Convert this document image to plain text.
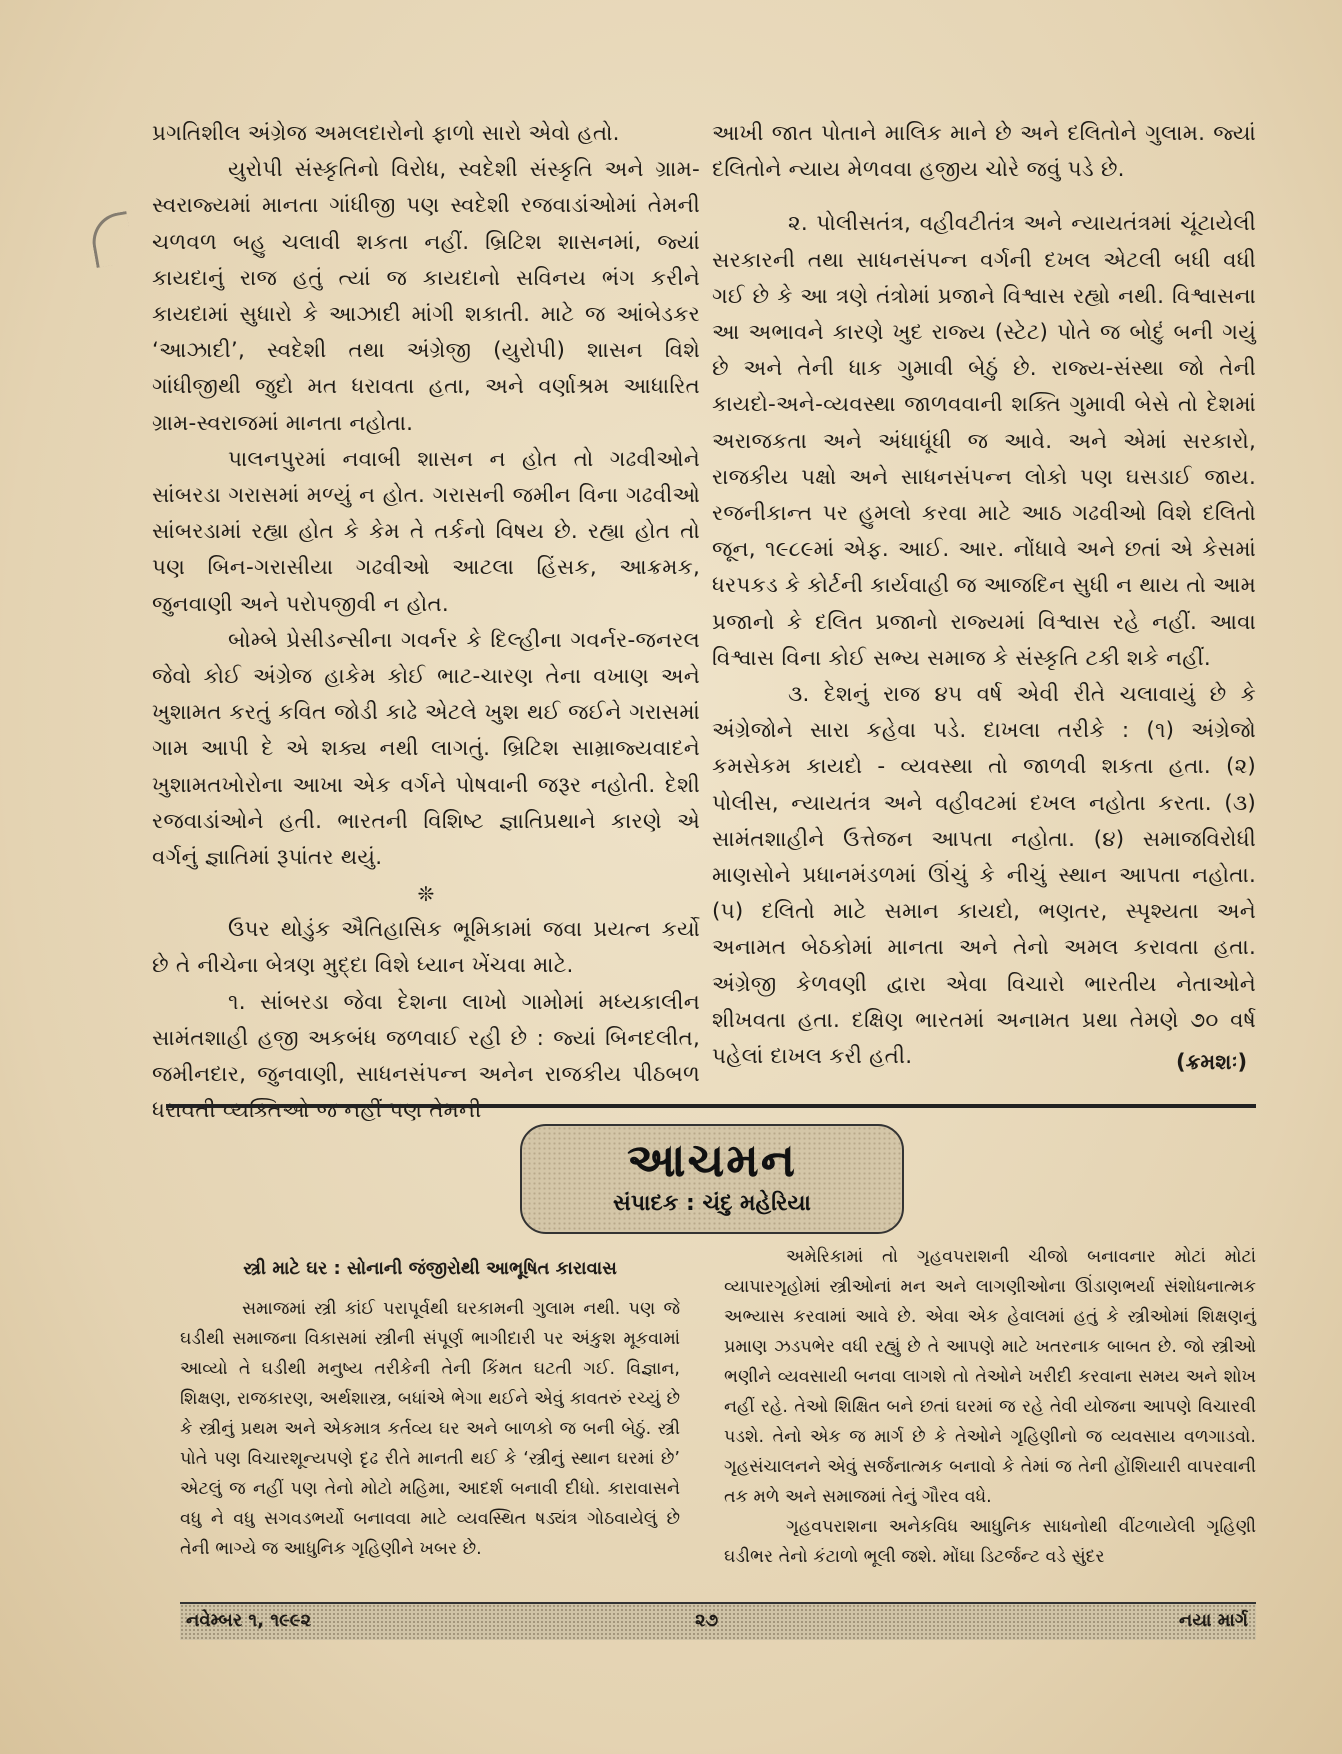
પ્રગતિશીલ અંગ્રેજ અમલદારોનો ફાળો સારો એવો હતો.

યુરોપી સંસ્કૃતિનો વિરોધ, સ્વદેશી સંસ્કૃતિ અને ગ્રામ-સ્વરાજ્યમાં માનતા ગાંધીજી પણ સ્વદેશી રજવાડાંઓમાં તેમની ચળવળ બહુ ચલાવી શકતા નહીં. બ્રિટિશ શાસનમાં, જ્યાં કાયદાનું રાજ હતું ત્યાં જ કાયદાનો સવિનય ભંગ કરીને કાયદામાં સુધારો કે આઝાદી માંગી શકાતી. માટે જ આંબેડકર ‘આઝાદી’, સ્વદેશી તથા અંગ્રેજી (યુરોપી) શાસન વિશે ગાંધીજીથી જુદો મત ધરાવતા હતા, અને વર્ણાશ્રમ આધારિત ગ્રામ-સ્વરાજમાં માનતા નહોતા.

પાલનપુરમાં નવાબી શાસન ન હોત તો ગઢવીઓને સાંબરડા ગરાસમાં મળ્યું ન હોત. ગરાસની જમીન વિના ગઢવીઓ સાંબરડામાં રહ્યા હોત કે કેમ તે તર્કનો વિષય છે. રહ્યા હોત તો પણ બિન-ગરાસીયા ગઢવીઓ આટલા હિંસક, આક્રમક, જુનવાણી અને પરોપજીવી ન હોત.

બોમ્બે પ્રેસીડન્સીના ગવર્નર કે દિલ્હીના ગવર્નર-જનરલ જેવો કોઈ અંગ્રેજ હાકેમ કોઈ ભાટ-ચારણ તેના વખાણ અને ખુશામત કરતું કવિત જોડી કાઢે એટલે ખુશ થઈ જઈને ગરાસમાં ગામ આપી દે એ શક્ય નથી લાગતું. બ્રિટિશ સામ્રાજ્યવાદને ખુશામતખોરોના આખા એક વર્ગને પોષવાની જરૂર નહોતી. દેશી રજવાડાંઓને હતી. ભારતની વિશિષ્ટ જ્ઞાતિપ્રથાને કારણે એ વર્ગનું જ્ઞાતિમાં રૂપાંતર થયું.

❊

ઉપર થોડુંક ઐતિહાસિક ભૂમિકામાં જવા પ્રયત્ન કર્યો છે તે નીચેના બેત્રણ મુદ્દા વિશે ધ્યાન ખેંચવા માટે.

૧. સાંબરડા જેવા દેશના લાખો ગામોમાં મધ્યકાલીન સામંતશાહી હજી અકબંધ જળવાઈ રહી છે : જ્યાં બિનદલીત, જમીનદાર, જુનવાણી, સાધનસંપન્ન અનેન રાજકીય પીઠબળ ધરાવતી વ્યક્તિઓ જ નહીં પણ તેમની

આખી જાત પોતાને માલિક માને છે અને દલિતોને ગુલામ. જ્યાં દલિતોને ન્યાય મેળવવા હજીય ચોરે જવું પડે છે.

૨. પોલીસતંત્ર, વહીવટીતંત્ર અને ન્યાયતંત્રમાં ચૂંટાયેલી સરકારની તથા સાધનસંપન્ન વર્ગની દખલ એટલી બધી વધી ગઈ છે કે આ ત્રણે તંત્રોમાં પ્રજાને વિશ્વાસ રહ્યો નથી. વિશ્વાસના આ અભાવને કારણે ખુદ રાજ્ય (સ્ટેટ) પોતે જ બોદું બની ગયું છે અને તેની ધાક ગુમાવી બેઠું છે. રાજ્ય-સંસ્થા જો તેની કાયદો-અને-વ્યવસ્થા જાળવવાની શક્તિ ગુમાવી બેસે તો દેશમાં અરાજકતા અને અંધાધૂંધી જ આવે. અને એમાં સરકારો, રાજકીય પક્ષો અને સાધનસંપન્ન લોકો પણ ઘસડાઈ જાય. રજનીકાન્ત પર હુમલો કરવા માટે આઠ ગઢવીઓ વિશે દલિતો જૂન, ૧૯૮૯માં એફ. આઈ. આર. નોંધાવે અને છતાં એ કેસમાં ધરપકડ કે કોર્ટની કાર્યવાહી જ આજદિન સુધી ન થાય તો આમ પ્રજાનો કે દલિત પ્રજાનો રાજ્યમાં વિશ્વાસ રહે નહીં. આવા વિશ્વાસ વિના કોઈ સભ્ય સમાજ કે સંસ્કૃતિ ટકી શકે નહીં.

૩. દેશનું રાજ ૪૫ વર્ષ એવી રીતે ચલાવાયું છે કે અંગ્રેજોને સારા કહેવા પડે. દાખલા તરીકે : (૧) અંગ્રેજો કમસેકમ કાયદો - વ્યવસ્થા તો જાળવી શકતા હતા. (૨) પોલીસ, ન્યાયતંત્ર અને વહીવટમાં દખલ નહોતા કરતા. (૩) સામંતશાહીને ઉત્તેજન આપતા નહોતા. (૪) સમાજવિરોધી માણસોને પ્રધાનમંડળમાં ઊંચું કે નીચું સ્થાન આપતા નહોતા. (૫) દલિતો માટે સમાન કાયદો, ભણતર, સ્પૃશ્યતા અને અનામત બેઠકોમાં માનતા અને તેનો અમલ કરાવતા હતા. અંગ્રેજી કેળવણી દ્વારા એવા વિચારો ભારતીય નેતાઓને શીખવતા હતા. દક્ષિણ ભારતમાં અનામત પ્રથા તેમણે ૭૦ વર્ષ પહેલાં દાખલ કરી હતી.	(ક્રમશઃ)
આચમન
સંપાદક : ચંદુ મહેરિયા

સ્ત્રી માટે ઘર : સોનાની જંજીરોથી આભૂષિત કારાવાસ

સમાજમાં સ્ત્રી કાંઈ પરાપૂર્વથી ઘરકામની ગુલામ નથી. પણ જે ઘડીથી સમાજના વિકાસમાં સ્ત્રીની સંપૂર્ણ ભાગીદારી પર અંકુશ મૂકવામાં આવ્યો તે ઘડીથી મનુષ્ય તરીકેની તેની કિંમત ઘટતી ગઈ. વિજ્ઞાન, શિક્ષણ, રાજકારણ, અર્થશાસ્ત્ર, બધાંએ ભેગા થઈને એવું કાવતરું રચ્યું છે કે સ્ત્રીનું પ્રથમ અને એકમાત્ર કર્તવ્ય ઘર અને બાળકો જ બની બેઠું. સ્ત્રી પોતે પણ વિચારશૂન્યપણે દૃઢ રીતે માનતી થઈ કે ‘સ્ત્રીનું સ્થાન ઘરમાં છે’ એટલું જ નહીં પણ તેનો મોટો મહિમા, આદર્શ બનાવી દીધો. કારાવાસને વધુ ને વધુ સગવડભર્યો બનાવવા માટે વ્યવસ્થિત ષડ્યંત્ર ગોઠવાયેલું છે તેની ભાગ્યે જ આધુનિક ગૃહિણીને ખબર છે.

અમેરિકામાં તો ગૃહવપરાશની ચીજો બનાવનાર મોટાં મોટાં વ્યાપારગૃહોમાં સ્ત્રીઓનાં મન અને લાગણીઓના ઊંડાણભર્યા સંશોધનાત્મક અભ્યાસ કરવામાં આવે છે. એવા એક હેવાલમાં હતું કે સ્ત્રીઓમાં શિક્ષણનું પ્રમાણ ઝડપભેર વધી રહ્યું છે તે આપણે માટે ખતરનાક બાબત છે. જો સ્ત્રીઓ ભણીને વ્યવસાયી બનવા લાગશે તો તેઓને ખરીદી કરવાના સમય અને શોખ નહીં રહે. તેઓ શિક્ષિત બને છતાં ઘરમાં જ રહે તેવી યોજના આપણે વિચારવી પડશે. તેનો એક જ માર્ગ છે કે તેઓને ગૃહિણીનો જ વ્યવસાય વળગાડવો. ગૃહસંચાલનને એવું સર્જનાત્મક બનાવો કે તેમાં જ તેની હોંશિયારી વાપરવાની તક મળે અને સમાજમાં તેનું ગૌરવ વધે.

ગૃહવપરાશના અનેકવિધ આધુનિક સાધનોથી વીંટળાયેલી ગૃહિણી ઘડીભર તેનો કંટાળો ભૂલી જશે. મોંઘા ડિટર્જન્ટ વડે સુંદર

નવેમ્બર ૧, ૧૯૯૨	૨૭	નયા માર્ગ
